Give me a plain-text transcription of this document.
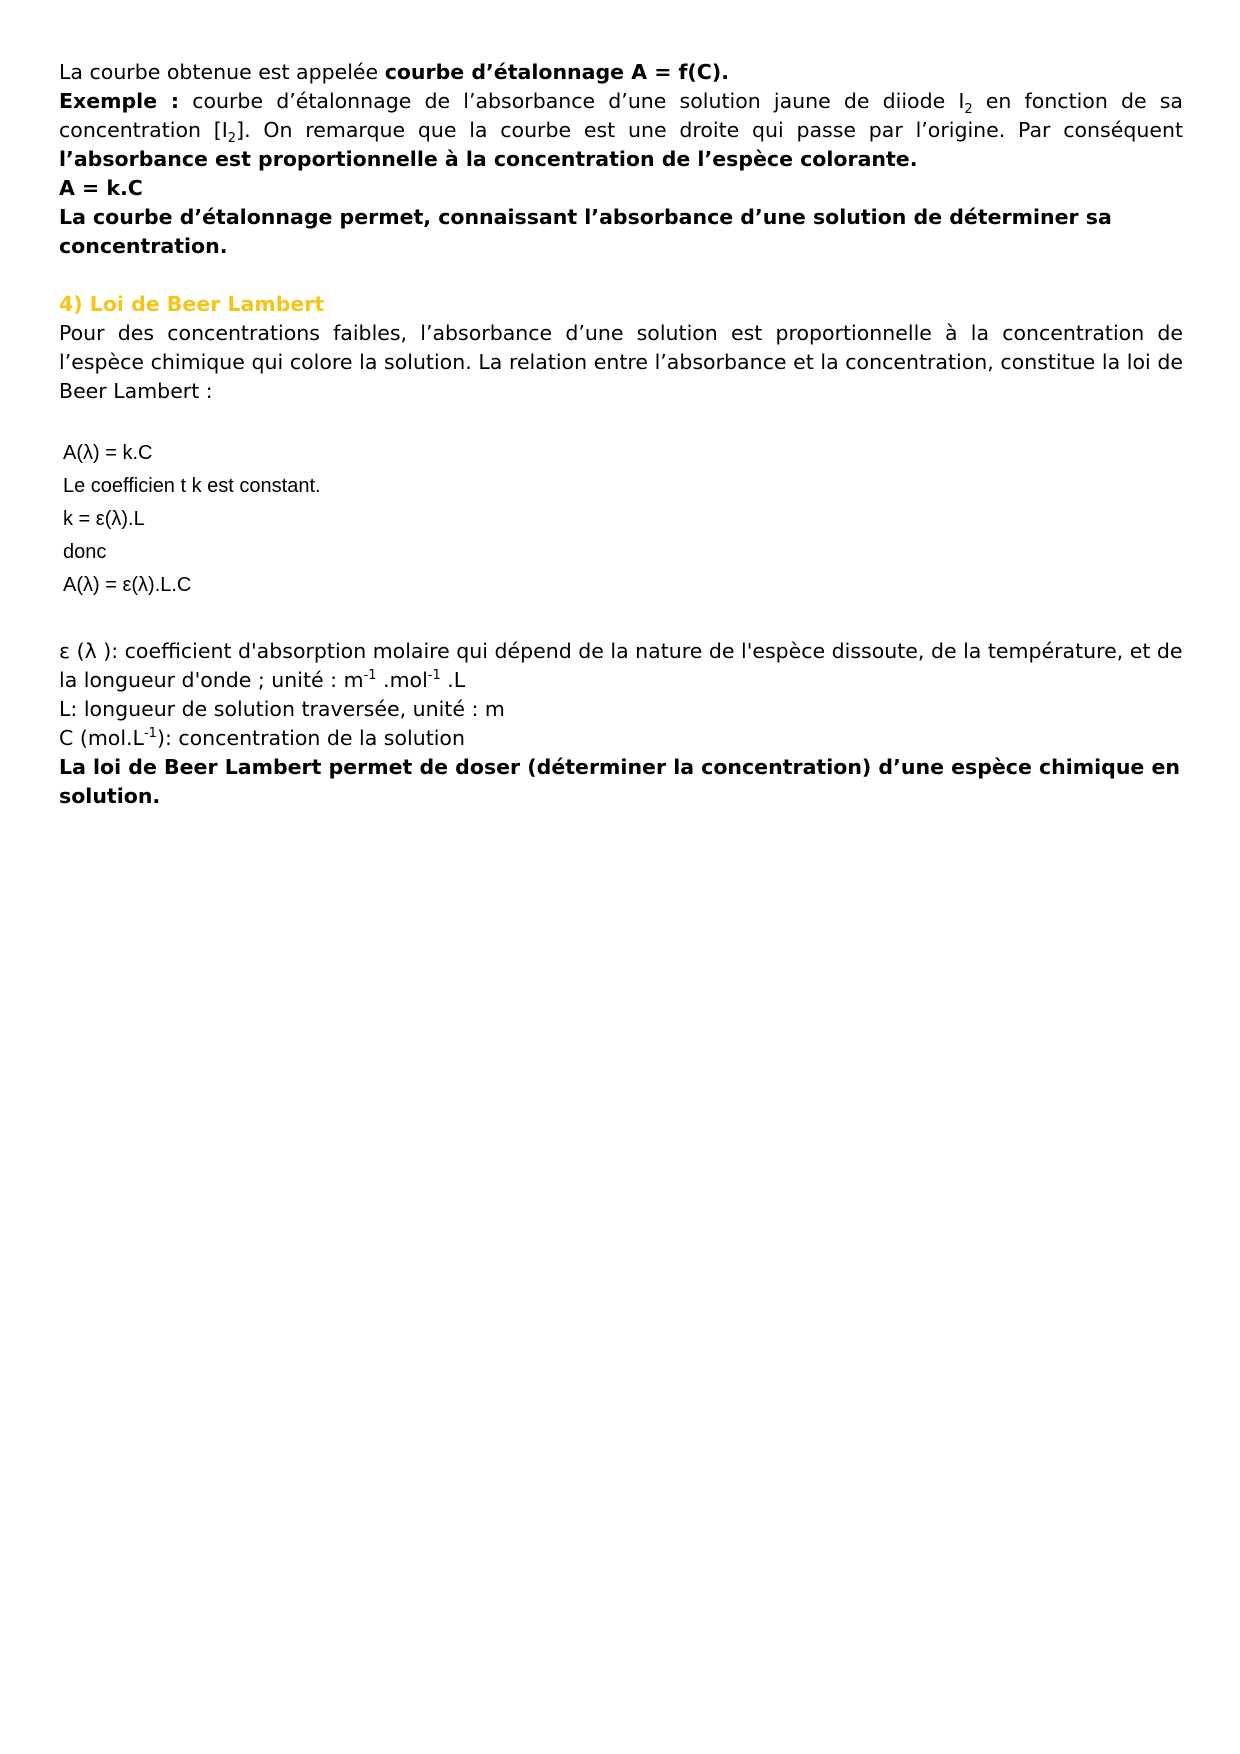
La courbe obtenue est appelée courbe d’étalonnage A = f(C).

Exemple : courbe d’étalonnage de l’absorbance d’une solution jaune de diiode $I_2$ en fonction de sa concentration $[I_2]$. On remarque que la courbe est une droite qui passe par l’origine. Par conséquent l’absorbance est proportionnelle à la concentration de l’espèce colorante.

A = k.C

La courbe d’étalonnage permet, connaissant l’absorbance d’une solution de déterminer sa concentration.

4) Loi de Beer Lambert

Pour des concentrations faibles, l’absorbance d’une solution est proportionnelle à la concentration de l’espèce chimique qui colore la solution. La relation entre l’absorbance et la concentration, constitue la loi de Beer Lambert :

A(λ) = k.C
Le coefficien t k est constant.
k = ε(λ).L
donc
A(λ) = ε(λ).L.C

ε (λ ): coefficient d'absorption molaire qui dépend de la nature de l'espèce dissoute, de la température, et de la longueur d'onde ; unité : $m^{-1}$ .mol$^{-1}$ .L

L: longueur de solution traversée, unité : m

C $(mol.L^{-1})$: concentration de la solution

La loi de Beer Lambert permet de doser (déterminer la concentration) d’une espèce chimique en solution.
